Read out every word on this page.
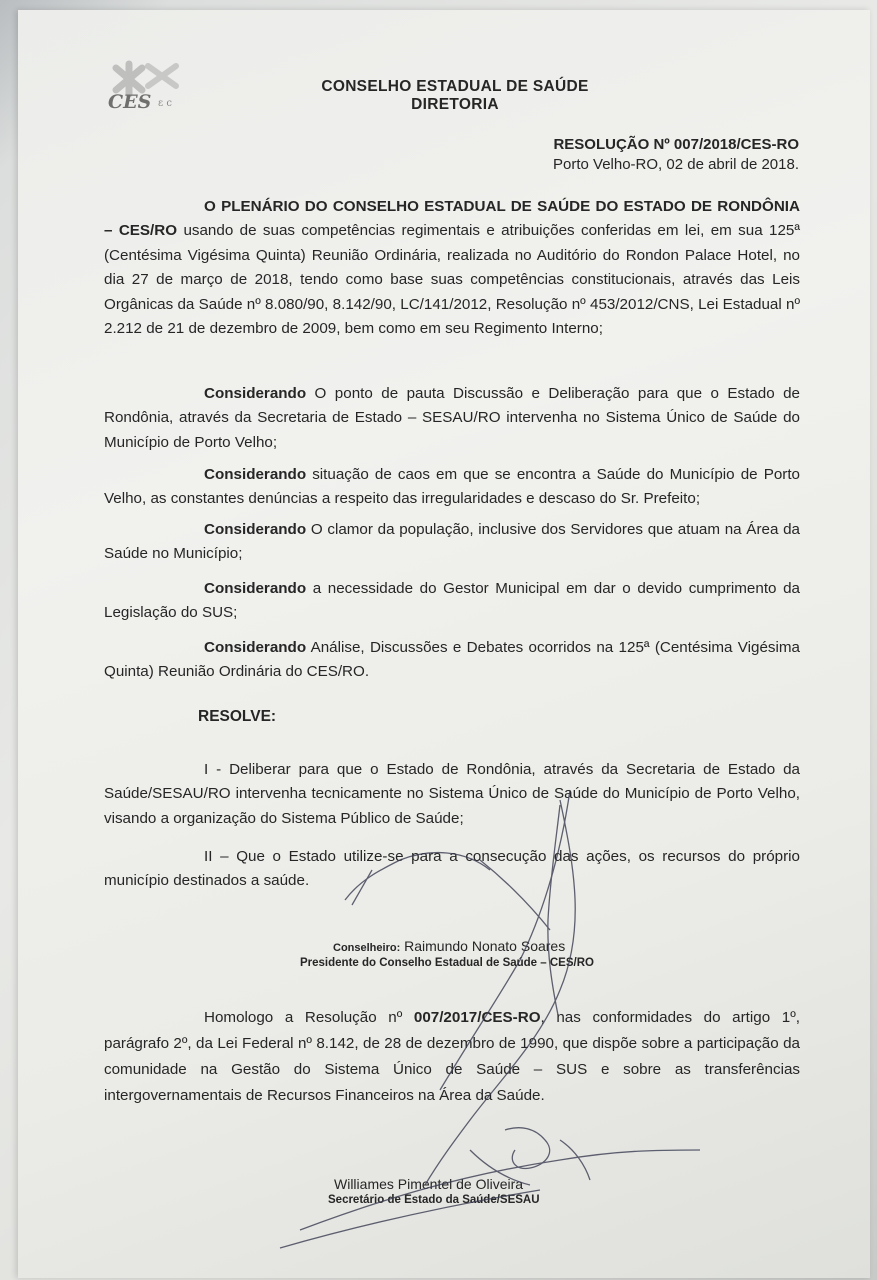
CES ε c
CONSELHO ESTADUAL DE SAÚDE
DIRETORIA
RESOLUÇÃO Nº 007/2018/CES-RO
Porto Velho-RO, 02 de abril de 2018.
O PLENÁRIO DO CONSELHO ESTADUAL DE SAÚDE DO ESTADO DE RONDÔNIA – CES/RO usando de suas competências regimentais e atribuições conferidas em lei, em sua 125ª (Centésima Vigésima Quinta) Reunião Ordinária, realizada no Auditório do Rondon Palace Hotel, no dia 27 de março de 2018, tendo como base suas competências constitucionais, através das Leis Orgânicas da Saúde nº 8.080/90, 8.142/90, LC/141/2012, Resolução nº 453/2012/CNS, Lei Estadual nº 2.212 de 21 de dezembro de 2009, bem como em seu Regimento Interno;
Considerando O ponto de pauta Discussão e Deliberação para que o Estado de Rondônia, através da Secretaria de Estado – SESAU/RO intervenha no Sistema Único de Saúde do Município de Porto Velho;
Considerando situação de caos em que se encontra a Saúde do Município de Porto Velho, as constantes denúncias a respeito das irregularidades e descaso do Sr. Prefeito;
Considerando O clamor da população, inclusive dos Servidores que atuam na Área da Saúde no Município;
Considerando a necessidade do Gestor Municipal em dar o devido cumprimento da Legislação do SUS;
Considerando Análise, Discussões e Debates ocorridos na 125ª (Centésima Vigésima Quinta) Reunião Ordinária do CES/RO.
RESOLVE:
I - Deliberar para que o Estado de Rondônia, através da Secretaria de Estado da Saúde/SESAU/RO intervenha tecnicamente no Sistema Único de Saúde do Município de Porto Velho, visando a organização do Sistema Público de Saúde;
II – Que o Estado utilize-se para a consecução das ações, os recursos do próprio município destinados a saúde.
Conselheiro: Raimundo Nonato Soares
Presidente do Conselho Estadual de Saúde – CES/RO
Homologo a Resolução nº 007/2017/CES-RO, nas conformidades do artigo 1º, parágrafo 2º, da Lei Federal nº 8.142, de 28 de dezembro de 1990, que dispõe sobre a participação da comunidade na Gestão do Sistema Único de Saúde – SUS e sobre as transferências intergovernamentais de Recursos Financeiros na Área da Saúde.
Williames Pimentel de Oliveira
Secretário de Estado da Saúde/SESAU
